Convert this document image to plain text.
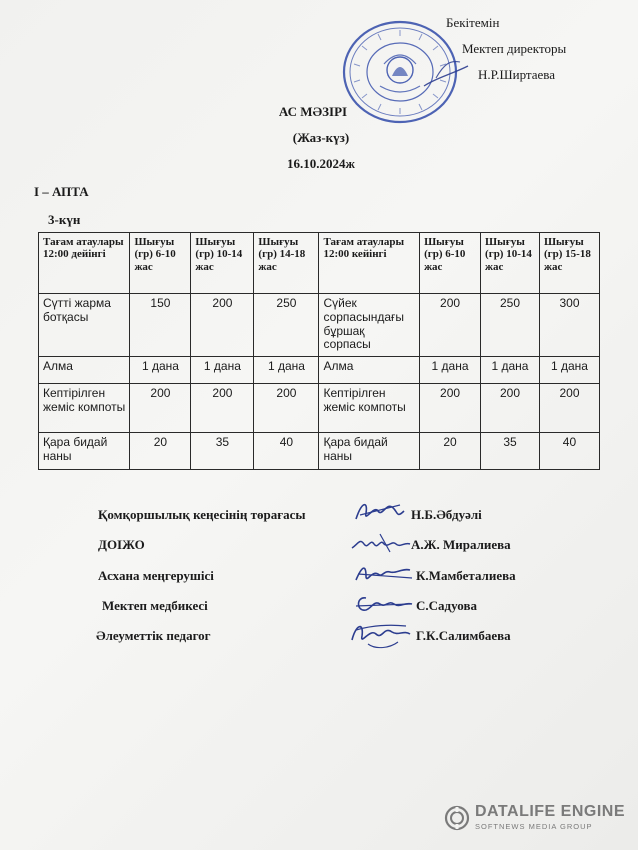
Бекітемін
Мектеп директоры
Н.Р.Ширтаева
АС МӘЗІРІ
(Жаз-күз)
16.10.2024ж
I – АПТА
3-күн
Тағам атаулары 12:00 дейінгі	Шығуы (гр) 6-10 жас	Шығуы (гр) 10-14 жас	Шығуы (гр) 14-18 жас	Тағам атаулары 12:00 кейінгі	Шығуы (гр) 6-10 жас	Шығуы (гр) 10-14 жас	Шығуы (гр) 15-18 жас
Сүтті жарма ботқасы	150	200	250	Сүйек сорпасындағы бұршақ сорпасы	200	250	300
Алма	1 дана	1 дана	1 дана	Алма	1 дана	1 дана	1 дана
Кептірілген жеміс компоты	200	200	200	Кептірілген жеміс компоты	200	200	200
Қара бидай наны	20	35	40	Қара бидай наны	20	35	40
Қомқоршылық кеңесінің төрағасы	Н.Б.Әбдуәлі
ДОІЖО	А.Ж. Миралиева
Асхана меңгерушісі	К.Мамбеталиева
Мектеп медбикесі	С.Садуова
Әлеуметтік педагог	Г.К.Салимбаева
DATALIFE ENGINE
SOFTNEWS MEDIA GROUP
